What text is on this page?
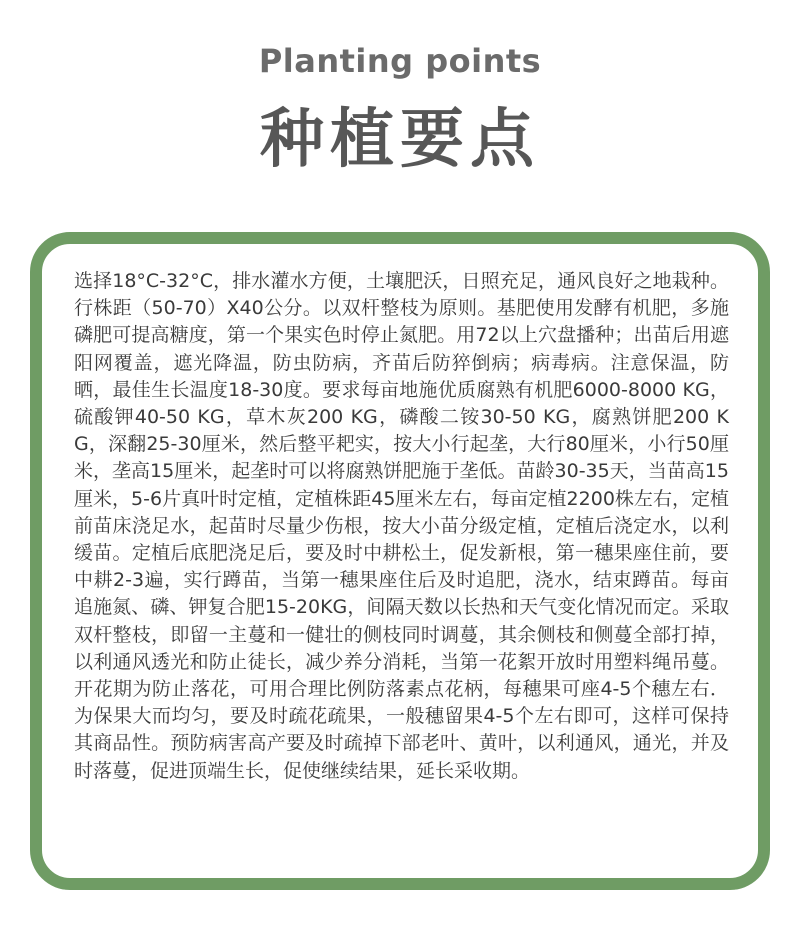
Planting points
种植要点

选择18°C-32°C，排水灌水方便，土壤肥沃，日照充足，通风良好之地栽种。行株距（50-70）X40公分。以双杆整枝为原则。基肥使用发酵有机肥，多施磷肥可提高糖度，第一个果实色时停止氮肥。用72以上穴盘播种；出苗后用遮阳网覆盖，遮光降温，防虫防病，齐苗后防猝倒病；病毒病。注意保温，防晒，最佳生长温度18-30度。要求每亩地施优质腐熟有机肥6000-8000 KG，硫酸钾40-50 KG，草木灰200 KG，磷酸二铵30-50 KG，腐熟饼肥200 KG，深翻25-30厘米，然后整平耙实，按大小行起垄，大行80厘米，小行50厘米，垄高15厘米，起垄时可以将腐熟饼肥施于垄低。苗龄30-35天，当苗高15厘米，5-6片真叶时定植，定植株距45厘米左右，每亩定植2200株左右，定植前苗床浇足水，起苗时尽量少伤根，按大小苗分级定植，定植后浇定水，以利缓苗。定植后底肥浇足后，要及时中耕松土，促发新根，第一穗果座住前，要中耕2-3遍，实行蹲苗，当第一穗果座住后及时追肥，浇水，结束蹲苗。每亩追施氮、磷、钾复合肥15-20KG，间隔天数以长热和天气变化情况而定。采取双杆整枝，即留一主蔓和一健壮的侧枝同时调蔓，其余侧枝和侧蔓全部打掉，以利通风透光和防止徒长，减少养分消耗，当第一花絮开放时用塑料绳吊蔓。开花期为防止落花，可用合理比例防落素点花柄，每穗果可座4-5个穗左右．为保果大而均匀，要及时疏花疏果，一般穗留果4-5个左右即可，这样可保持其商品性。预防病害高产要及时疏掉下部老叶、黄叶，以利通风，通光，并及时落蔓，促进顶端生长，促使继续结果，延长采收期。
